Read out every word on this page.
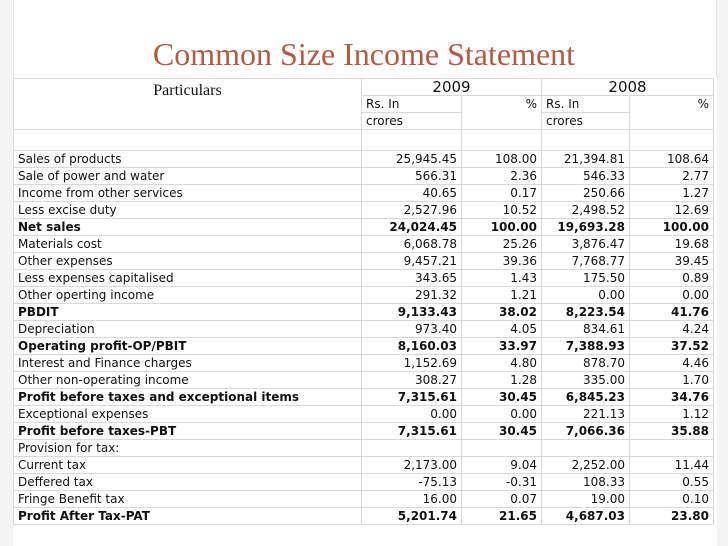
Common Size Income Statement
Particulars	2009		2008	
	Rs. In	%	Rs. In	%
	crores		crores	

Sales of products	25,945.45	108.00	21,394.81	108.64
Sale of power and water	566.31	2.36	546.33	2.77
Income from other services	40.65	0.17	250.66	1.27
Less excise duty	2,527.96	10.52	2,498.52	12.69
Net sales	24,024.45	100.00	19,693.28	100.00
Materials cost	6,068.78	25.26	3,876.47	19.68
Other expenses	9,457.21	39.36	7,768.77	39.45
Less expenses capitalised	343.65	1.43	175.50	0.89
Other operting income	291.32	1.21	0.00	0.00
PBDIT	9,133.43	38.02	8,223.54	41.76
Depreciation	973.40	4.05	834.61	4.24
Operating profit-OP/PBIT	8,160.03	33.97	7,388.93	37.52
Interest and Finance charges	1,152.69	4.80	878.70	4.46
Other non-operating income	308.27	1.28	335.00	1.70
Profit before taxes and exceptional items	7,315.61	30.45	6,845.23	34.76
Exceptional expenses	0.00	0.00	221.13	1.12
Profit before taxes-PBT	7,315.61	30.45	7,066.36	35.88
Provision for tax:				
Current tax	2,173.00	9.04	2,252.00	11.44
Deffered tax	-75.13	-0.31	108.33	0.55
Fringe Benefit tax	16.00	0.07	19.00	0.10
Profit After Tax-PAT	5,201.74	21.65	4,687.03	23.80
